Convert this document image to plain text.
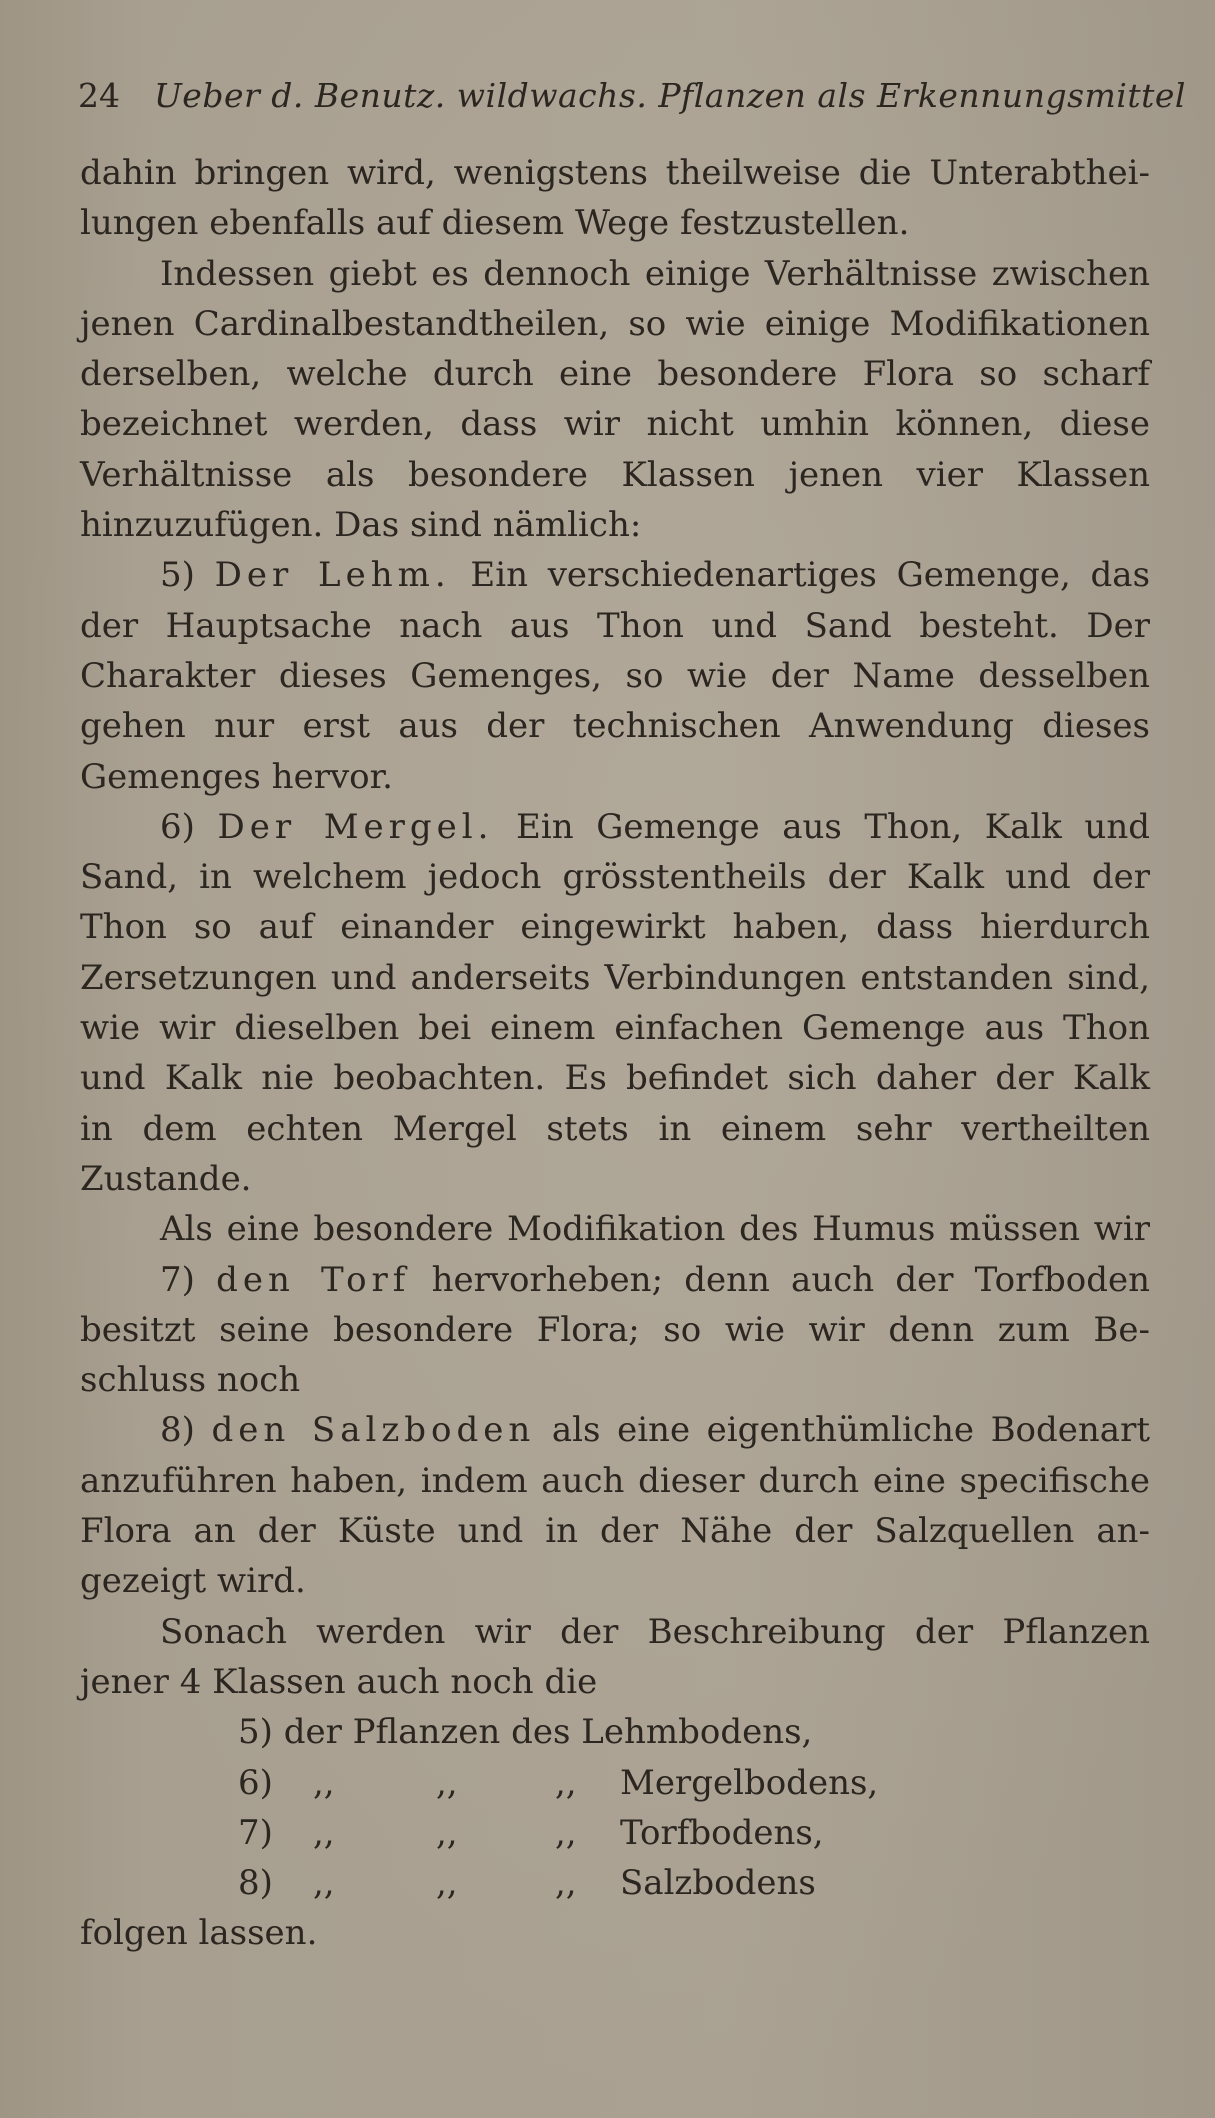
24 Ueber d. Benutz. wildwachs. Pflanzen als Erkennungsmittel
dahin bringen wird, wenigstens theilweise die Unterabthei-
lungen ebenfalls auf diesem Wege festzustellen.
Indessen giebt es dennoch einige Verhältnisse zwischen
jenen Cardinalbestandtheilen, so wie einige Modifikationen
derselben, welche durch eine besondere Flora so scharf
bezeichnet werden, dass wir nicht umhin können, diese
Verhältnisse als besondere Klassen jenen vier Klassen
hinzuzufügen. Das sind nämlich:
5) Der Lehm. Ein verschiedenartiges Gemenge, das
der Hauptsache nach aus Thon und Sand besteht. Der
Charakter dieses Gemenges, so wie der Name desselben
gehen nur erst aus der technischen Anwendung dieses
Gemenges hervor.
6) Der Mergel. Ein Gemenge aus Thon, Kalk und
Sand, in welchem jedoch grösstentheils der Kalk und der
Thon so auf einander eingewirkt haben, dass hierdurch
Zersetzungen und anderseits Verbindungen entstanden sind,
wie wir dieselben bei einem einfachen Gemenge aus Thon
und Kalk nie beobachten. Es befindet sich daher der Kalk
in dem echten Mergel stets in einem sehr vertheilten
Zustande.
Als eine besondere Modifikation des Humus müssen wir
7) den Torf hervorheben; denn auch der Torfboden
besitzt seine besondere Flora; so wie wir denn zum Be-
schluss noch
8) den Salzboden als eine eigenthümliche Bodenart
anzuführen haben, indem auch dieser durch eine specifische
Flora an der Küste und in der Nähe der Salzquellen an-
gezeigt wird.
Sonach werden wir der Beschreibung der Pflanzen
jener 4 Klassen auch noch die
5) der Pflanzen des Lehmbodens,
6) ,,	,,	,, Mergelbodens,
7) ,,	,,	,, Torfbodens,
8) ,,	,,	,, Salzbodens
folgen lassen.
